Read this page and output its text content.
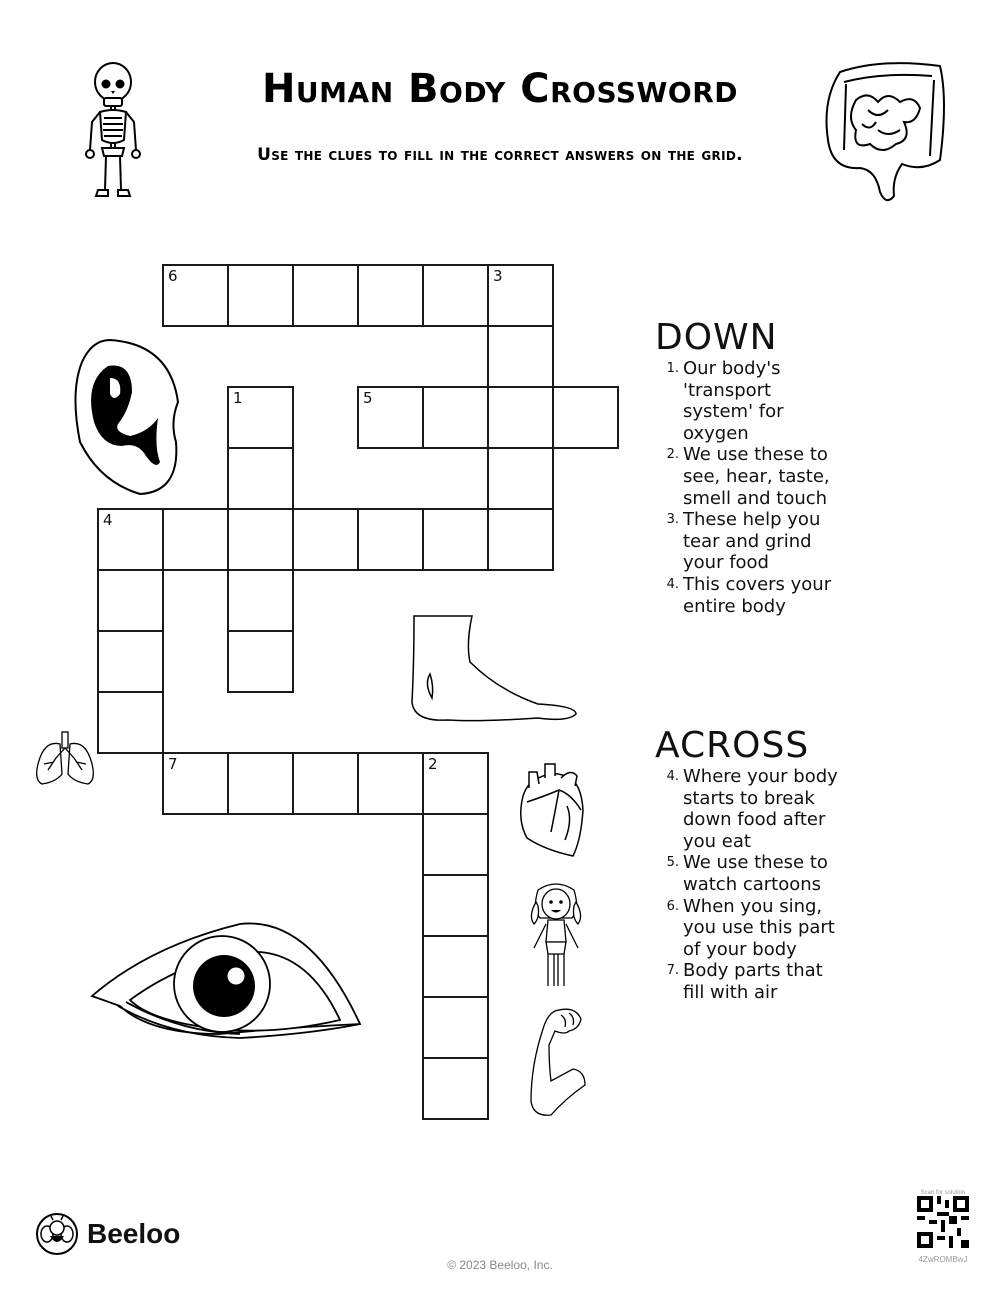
Human Body Crossword
Use the clues to fill in the correct answers on the grid.
6	3
1	5
4
7	2
DOWN
1. Our body's 'transport system' for oxygen
2. We use these to see, hear, taste, smell and touch
3. These help you tear and grind your food
4. This covers your entire body
ACROSS
4. Where your body starts to break down food after you eat
5. We use these to watch cartoons
6. When you sing, you use this part of your body
7. Body parts that fill with air
Beeloo
© 2023 Beeloo, Inc.
Scan for solution
4ZwROMBwJ
